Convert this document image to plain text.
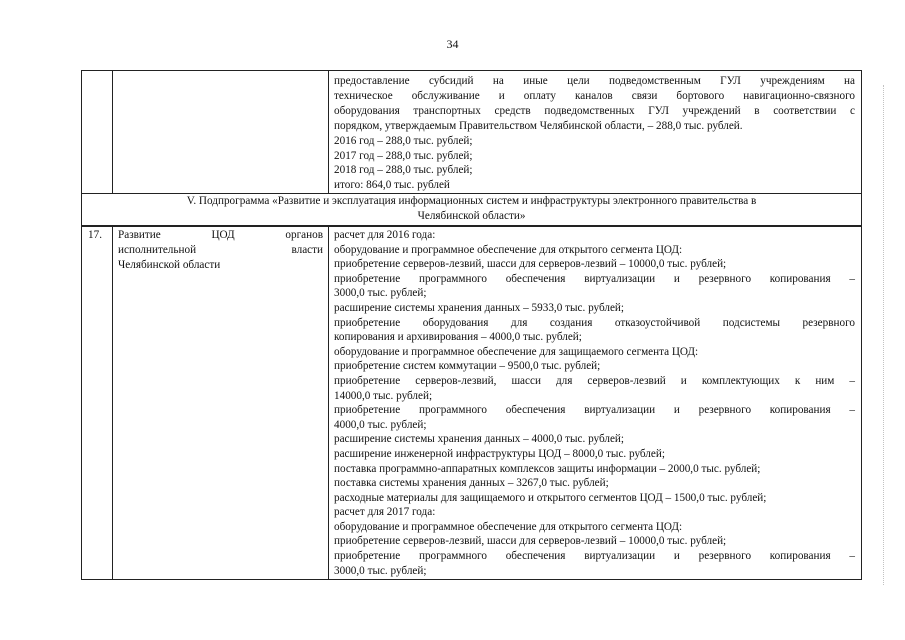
34
предоставление субсидий на иные цели подведомственным ГУЛ учреждениям на
техническое обслуживание и оплату каналов связи бортового навигационно-связного
оборудования транспортных средств подведомственных ГУЛ учреждений в соответствии с
порядком, утверждаемым Правительством Челябинской области, – 288,0 тыс. рублей.
2016 год – 288,0 тыс. рублей;
2017 год – 288,0 тыс. рублей;
2018 год – 288,0 тыс. рублей;
итого: 864,0 тыс. рублей
V. Подпрограмма «Развитие и эксплуатация информационных систем и инфраструктуры электронного правительства в
Челябинской области»
17. Развитие ЦОД органов
исполнительной власти
Челябинской области
расчет для 2016 года:
оборудование и программное обеспечение для открытого сегмента ЦОД:
приобретение серверов-лезвий, шасси для серверов-лезвий – 10000,0 тыс. рублей;
приобретение программного обеспечения виртуализации и резервного копирования –
3000,0 тыс. рублей;
расширение системы хранения данных – 5933,0 тыс. рублей;
приобретение оборудования для создания отказоустойчивой подсистемы резервного
копирования и архивирования – 4000,0 тыс. рублей;
оборудование и программное обеспечение для защищаемого сегмента ЦОД:
приобретение систем коммутации – 9500,0 тыс. рублей;
приобретение серверов-лезвий, шасси для серверов-лезвий и комплектующих к ним –
14000,0 тыс. рублей;
приобретение программного обеспечения виртуализации и резервного копирования –
4000,0 тыс. рублей;
расширение системы хранения данных – 4000,0 тыс. рублей;
расширение инженерной инфраструктуры ЦОД – 8000,0 тыс. рублей;
поставка программно-аппаратных комплексов защиты информации – 2000,0 тыс. рублей;
поставка системы хранения данных – 3267,0 тыс. рублей;
расходные материалы для защищаемого и открытого сегментов ЦОД – 1500,0 тыс. рублей;
расчет для 2017 года:
оборудование и программное обеспечение для открытого сегмента ЦОД:
приобретение серверов-лезвий, шасси для серверов-лезвий – 10000,0 тыс. рублей;
приобретение программного обеспечения виртуализации и резервного копирования –
3000,0 тыс. рублей;
